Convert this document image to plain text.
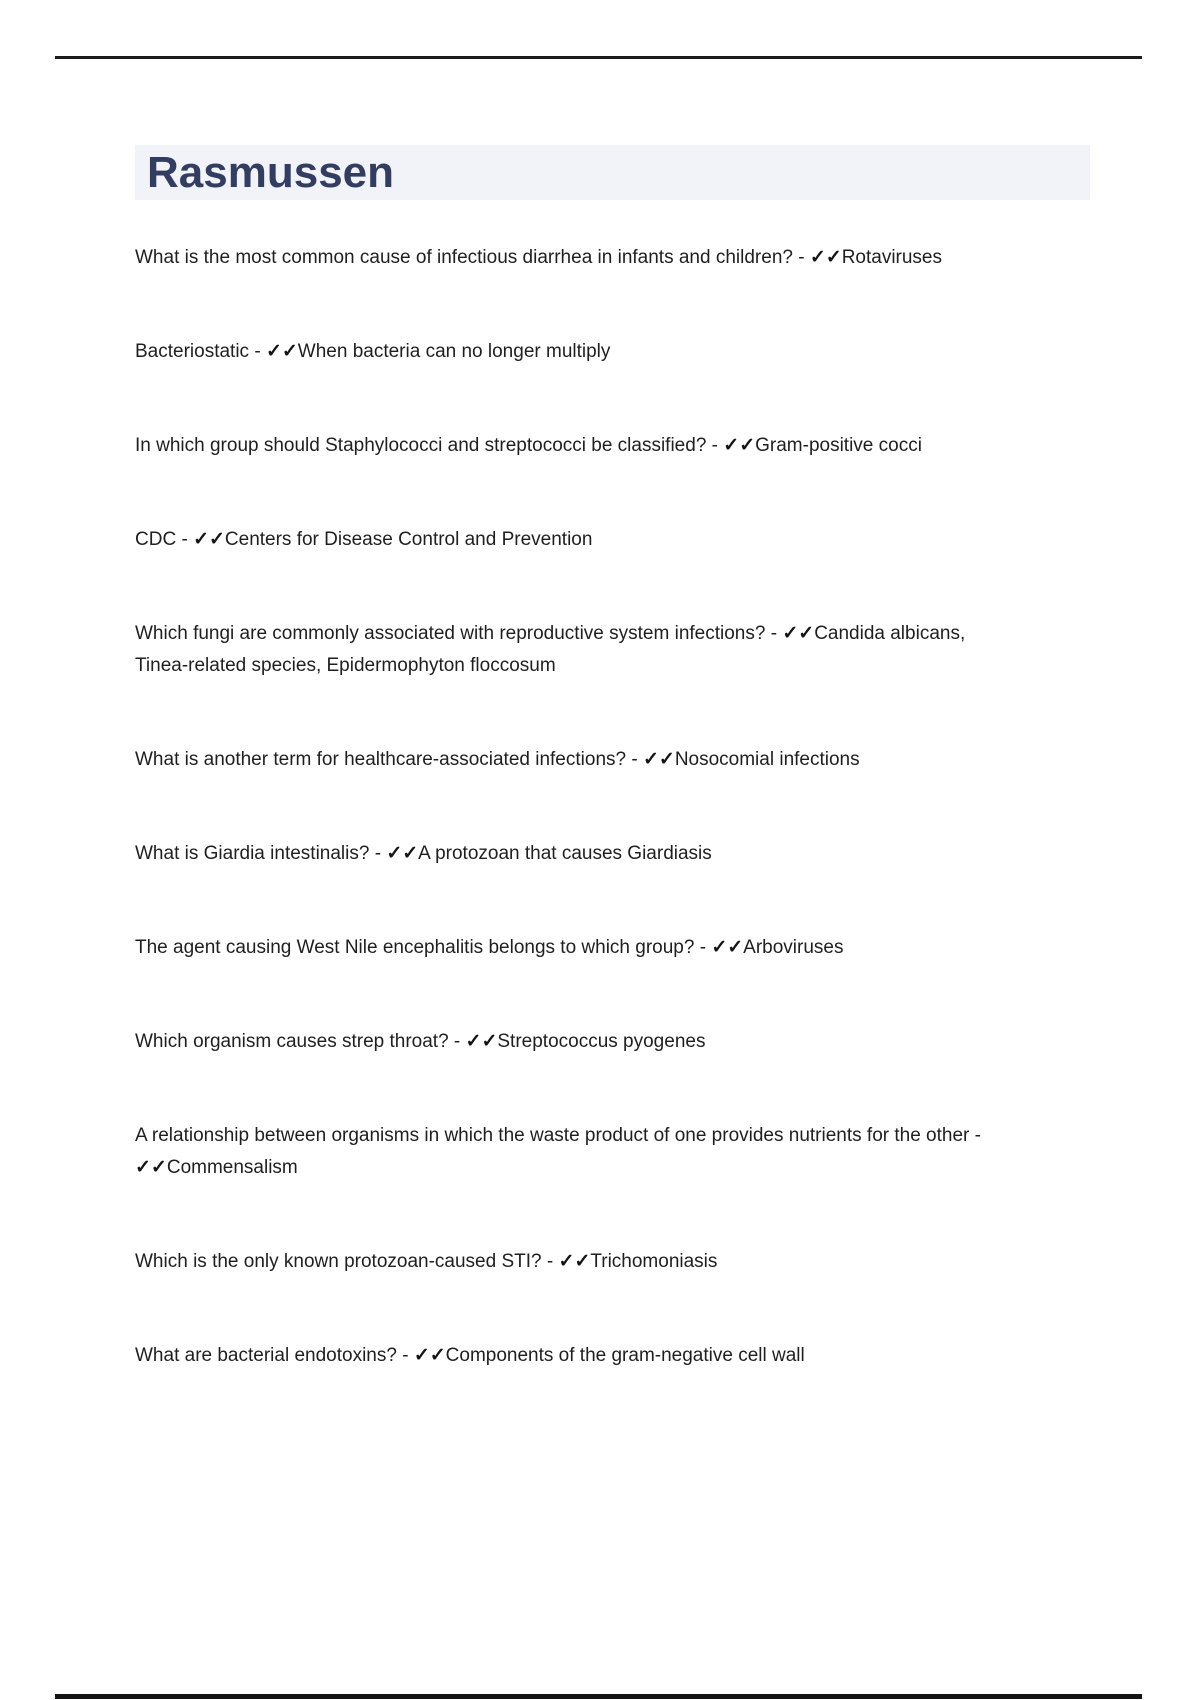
Rasmussen

What is the most common cause of infectious diarrhea in infants and children? - ✓✓Rotaviruses

Bacteriostatic - ✓✓When bacteria can no longer multiply

In which group should Staphylococci and streptococci be classified? - ✓✓Gram-positive cocci

CDC - ✓✓Centers for Disease Control and Prevention

Which fungi are commonly associated with reproductive system infections? - ✓✓Candida albicans, Tinea-related species, Epidermophyton floccosum

What is another term for healthcare-associated infections? - ✓✓Nosocomial infections

What is Giardia intestinalis? - ✓✓A protozoan that causes Giardiasis

The agent causing West Nile encephalitis belongs to which group? - ✓✓Arboviruses

Which organism causes strep throat? - ✓✓Streptococcus pyogenes

A relationship between organisms in which the waste product of one provides nutrients for the other - ✓✓Commensalism

Which is the only known protozoan-caused STI? - ✓✓Trichomoniasis

What are bacterial endotoxins? - ✓✓Components of the gram-negative cell wall
